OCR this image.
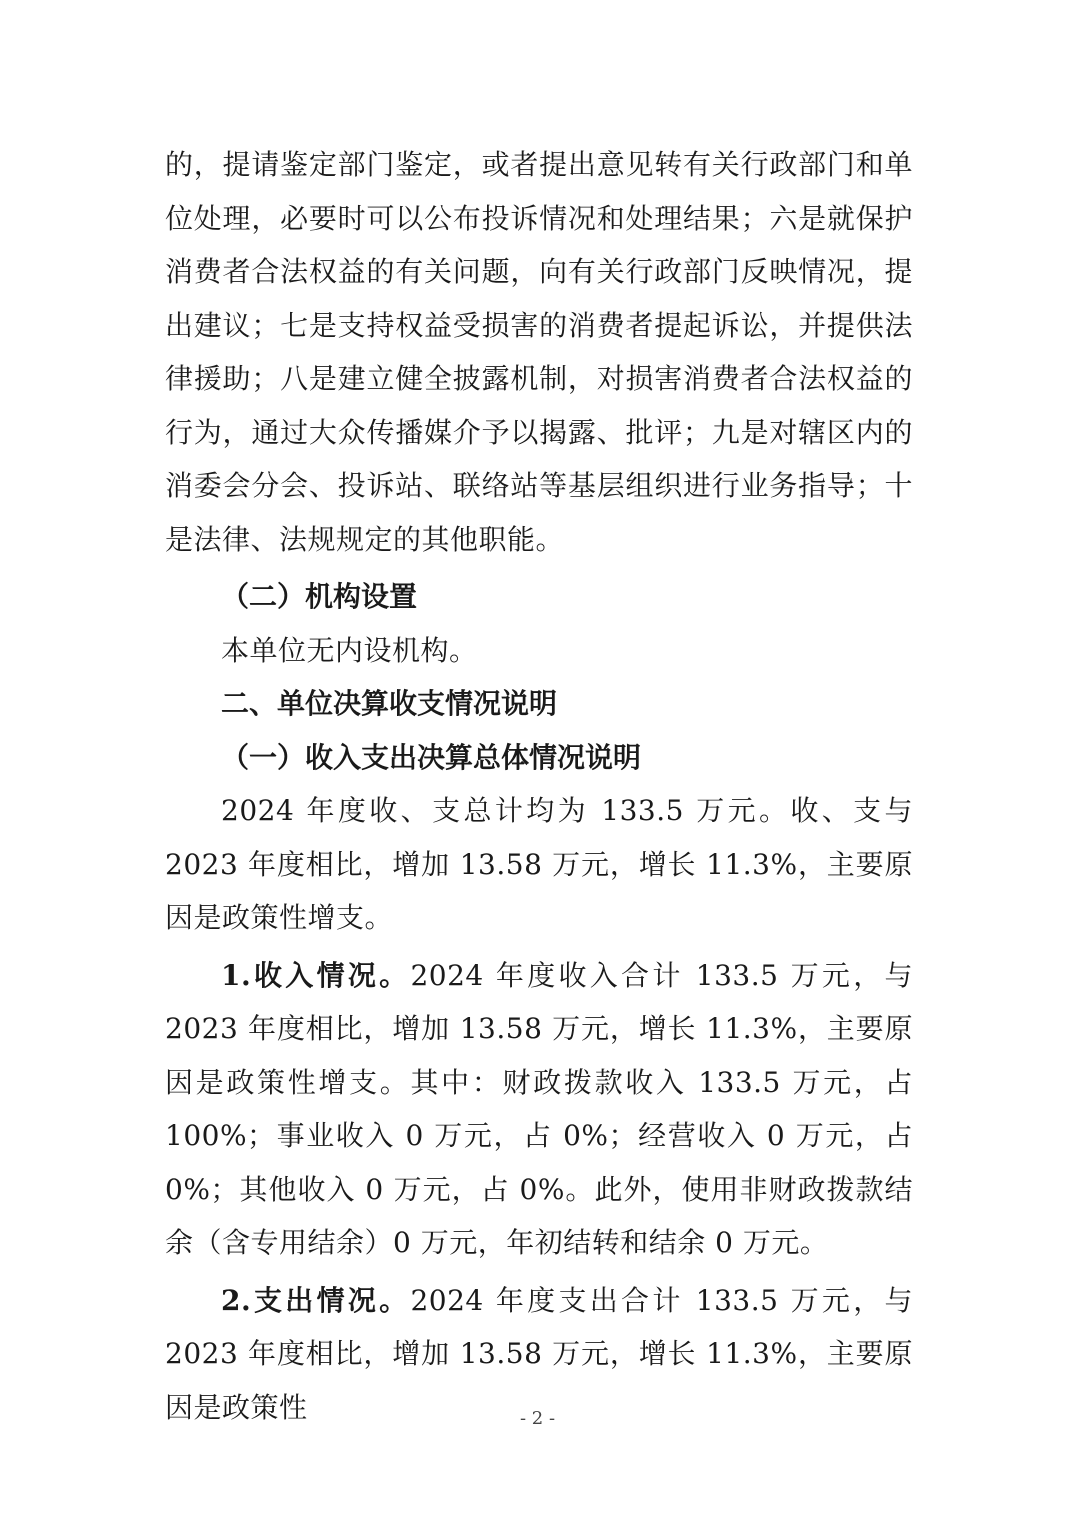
的，提请鉴定部门鉴定，或者提出意见转有关行政部门和单位处理，必要时可以公布投诉情况和处理结果；六是就保护消费者合法权益的有关问题，向有关行政部门反映情况，提出建议；七是支持权益受损害的消费者提起诉讼，并提供法律援助；八是建立健全披露机制，对损害消费者合法权益的行为，通过大众传播媒介予以揭露、批评；九是对辖区内的消委会分会、投诉站、联络站等基层组织进行业务指导；十是法律、法规规定的其他职能。

（二）机构设置

本单位无内设机构。

二、单位决算收支情况说明

（一）收入支出决算总体情况说明

2024 年度收、支总计均为 133.5 万元。收、支与 2023 年度相比，增加 13.58 万元，增长 11.3%，主要原因是政策性增支。

1.收入情况。2024 年度收入合计 133.5 万元，与 2023 年度相比，增加 13.58 万元，增长 11.3%，主要原因是政策性增支。其中：财政拨款收入 133.5 万元，占 100%；事业收入 0 万元，占 0%；经营收入 0 万元，占 0%；其他收入 0 万元，占 0%。此外，使用非财政拨款结余（含专用结余）0 万元，年初结转和结余 0 万元。

2.支出情况。2024 年度支出合计 133.5 万元，与 2023 年度相比，增加 13.58 万元，增长 11.3%，主要原因是政策性	- 2 -
